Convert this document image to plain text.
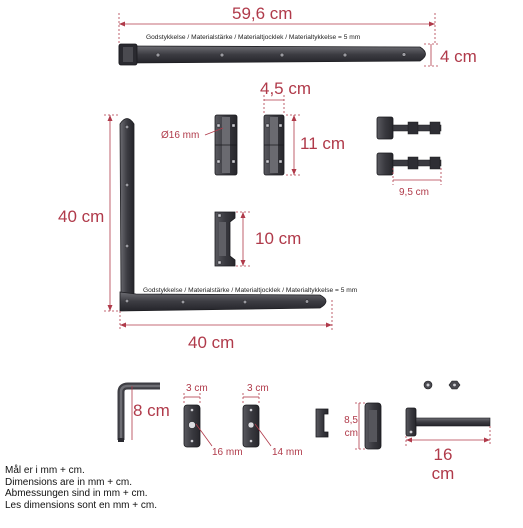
59,6 cm
4 cm
Godstykkelse / Materialstärke / Materialtjocklek / Materialtykkelse = 5 mm
4,5 cm
Ø16 mm	11 cm
9,5 cm
40 cm
10 cm
Godstykkelse / Materialstärke / Materialtjocklek / Materialtykkelse = 5 mm
40 cm
8 cm
3 cm
16 mm
3 cm
14 mm
8,5 cm
16 cm
Mål er i mm + cm.
Dimensions are in mm + cm.
Abmessungen sind in mm + cm.
Les dimensions sont en mm + cm.
